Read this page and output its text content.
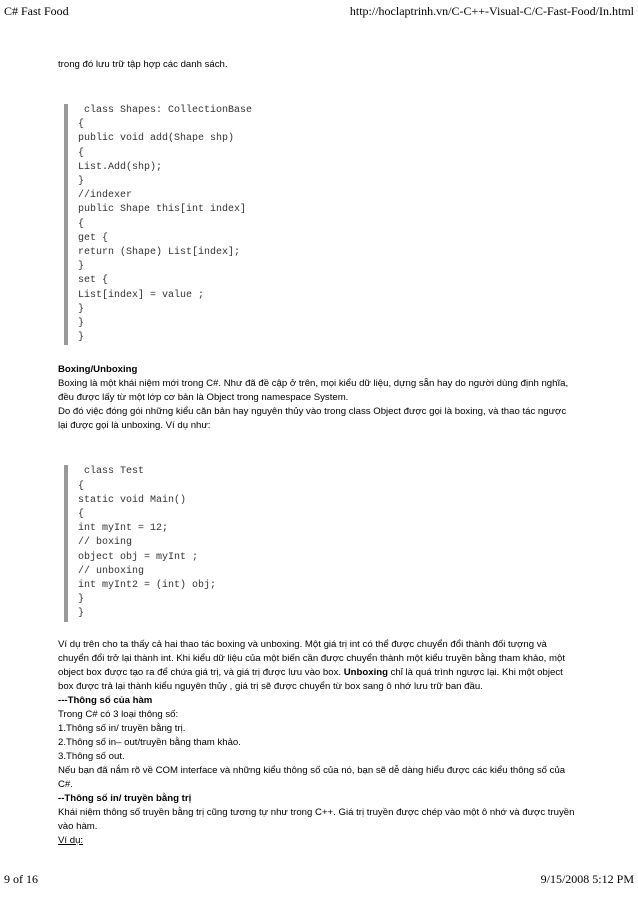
C# Fast Food	http://hoclaptrinh.vn/C-C++-Visual-C/C-Fast-Food/In.html

trong đó lưu trữ tập hợp các danh sách.

class Shapes: CollectionBase
{
public void add(Shape shp)
{
List.Add(shp);
}
//indexer
public Shape this[int index]
{
get {
return (Shape) List[index];
}
set {
List[index] = value ;
}
}
}

Boxing/Unboxing

Boxing là một khái niệm mới trong C#. Như đã đề cập ở trên, mọi kiểu dữ liệu, dựng sẵn hay do người dùng định nghĩa,
đều được lấy từ một lớp cơ bản là Object trong namespace System.
Do đó việc đóng gói những kiểu căn bản hay nguyên thủy vào trong class Object được gọi là boxing, và thao tác ngược
lại được gọi là unboxing. Ví dụ như:
class Test
{
static void Main()
{
int myInt = 12;
// boxing
object obj = myInt ;
// unboxing
int myInt2 = (int) obj;
}
}
Ví dụ trên cho ta thấy cả hai thao tác boxing và unboxing. Một giá trị int có thể được chuyển đổi thành đối tượng và
chuyển đổi trở lại thành int. Khi kiểu dữ liệu của một biến cần được chuyển thành một kiểu truyền bằng tham khảo, một
object box được tạo ra để chứa giá trị, và giá trị được lưu vào box. Unboxing chỉ là quá trình ngược lại. Khi một object
box được trả lại thành kiểu nguyên thủy , giá trị sẽ được chuyển từ box sang ô nhớ lưu trữ ban đầu.

---Thông số của hàm

Trong C# có 3 loại thông số:
1.Thông số in/ truyền bằng trị.
2.Thông số in– out/truyền bằng tham khảo.
3.Thông số out.
Nếu bạn đã nắm rõ về COM interface và những kiểu thông số của nó, bạn sẽ dễ dàng hiểu được các kiểu thông số của
C#.

--Thông số in/ truyền bằng trị

Khái niệm thông số truyền bằng trị cũng tương tự như trong C++. Giá trị truyền được chép vào một ô nhớ và được truyền
vào hàm.

Ví dụ:

9 of 16	9/15/2008 5:12 PM
